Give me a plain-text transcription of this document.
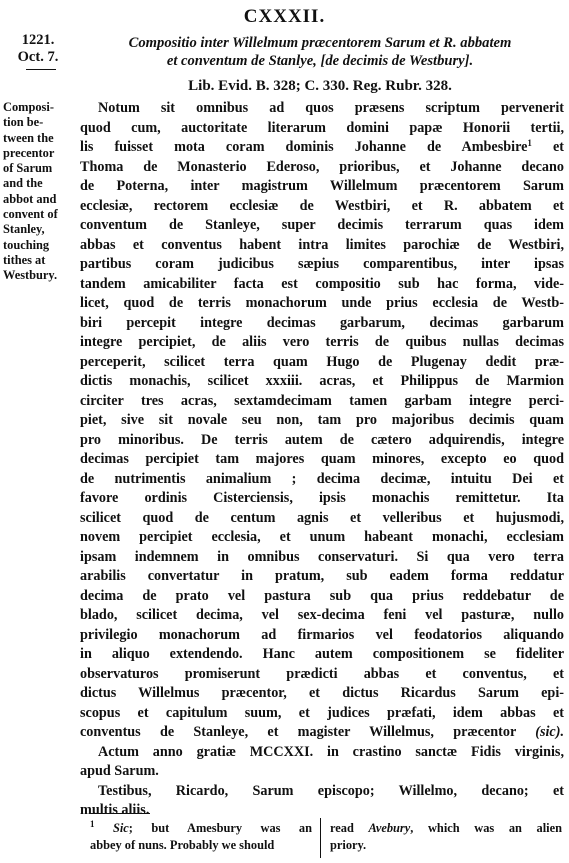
CXXXII.
1221.
Oct. 7.
Compositio inter Willelmum præcentorem Sarum et R. abbatem
et conventum de Stanlye, [de decimis de Westbury].
Lib. Evid. B. 328; C. 330. Reg. Rubr. 328.
Composi-
tion be-
tween the
precentor
of Sarum
and the
abbot and
convent of
Stanley,
touching
tithes at
Westbury.
Notum sit omnibus ad quos præsens scriptum pervenerit
quod cum, auctoritate literarum domini papæ Honorii tertii,
lis fuisset mota coram dominis Johanne de Ambesbire$^1$ et
Thoma de Monasterio Ederoso, prioribus, et Johanne decano
de Poterna, inter magistrum Willelmum præcentorem Sarum
ecclesiæ, rectorem ecclesiæ de Westbiri, et R. abbatem et
conventum de Stanleye, super decimis terrarum quas idem
abbas et conventus habent intra limites parochiæ de Westbiri,
partibus coram judicibus sæpius comparentibus, inter ipsas
tandem amicabiliter facta est compositio sub hac forma, vide-
licet, quod de terris monachorum unde prius ecclesia de Westb-
biri percepit integre decimas garbarum, decimas garbarum
integre percipiet, de aliis vero terris de quibus nullas decimas
perceperit, scilicet terra quam Hugo de Plugenay dedit præ-
dictis monachis, scilicet xxxiii. acras, et Philippus de Marmion
circiter tres acras, sextamdecimam tamen garbam integre perci-
piet, sive sit novale seu non, tam pro majoribus decimis quam
pro minoribus. De terris autem de cætero adquirendis, integre
decimas percipiet tam majores quam minores, excepto eo quod
de nutrimentis animalium ; decima decimæ, intuitu Dei et
favore ordinis Cisterciensis, ipsis monachis remittetur. Ita
scilicet quod de centum agnis et velleribus et hujusmodi,
novem percipiet ecclesia, et unum habeant monachi, ecclesiam
ipsam indemnem in omnibus conservaturi. Si qua vero terra
arabilis convertatur in pratum, sub eadem forma reddatur
decima de prato vel pastura sub qua prius reddebatur de
blado, scilicet decima, vel sex-decima feni vel pasturæ, nullo
privilegio monachorum ad firmarios vel feodatorios aliquando
in aliquo extendendo. Hanc autem compositionem se fideliter
observaturos promiserunt prædicti abbas et conventus, et
dictus Willelmus præcentor, et dictus Ricardus Sarum epi-
scopus et capitulum suum, et judices præfati, idem abbas et
conventus de Stanleye, et magister Willelmus, præcentor (sic).
Actum anno gratiæ MCCXXI. in crastino sanctæ Fidis virginis,
apud Sarum.
Testibus, Ricardo, Sarum episcopo; Willelmo, decano; et
multis aliis.
$^1$ Sic; but Amesbury was an
abbey of nuns. Probably we should
read Avebury, which was an alien
priory.
